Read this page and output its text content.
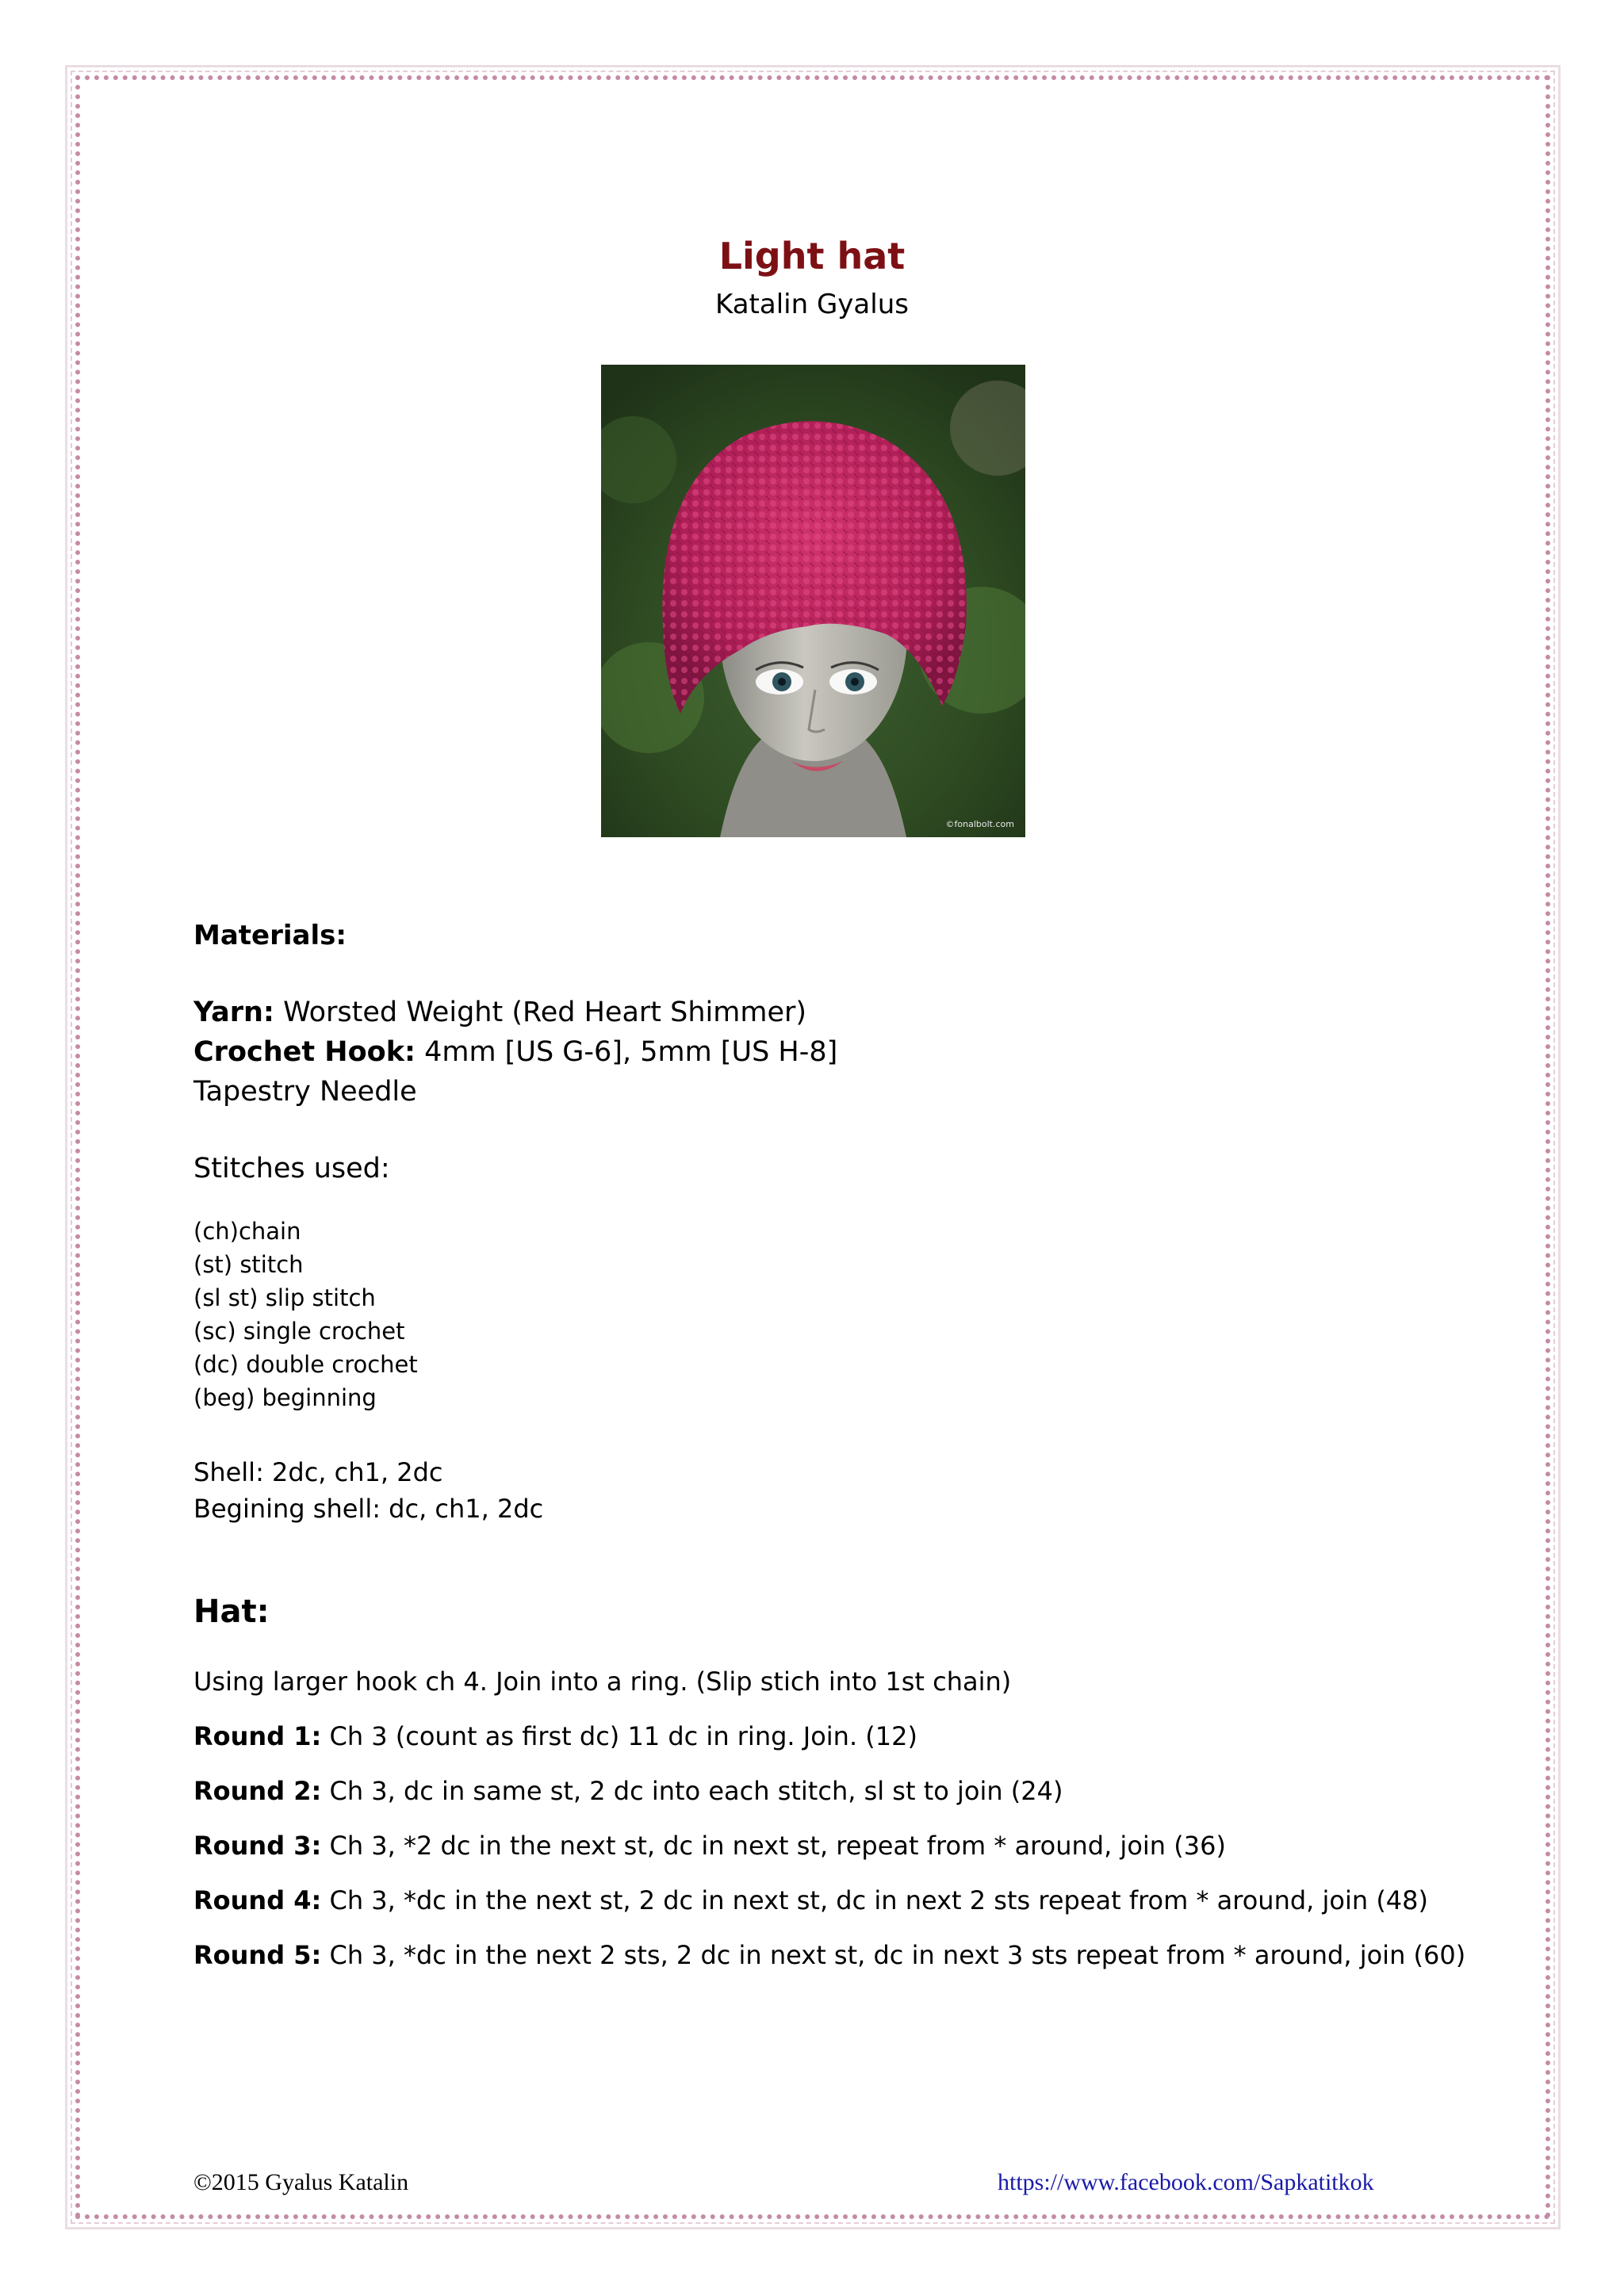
Light hat

Katalin Gyalus

©fonalbolt.com

Materials:

Yarn: Worsted Weight (Red Heart Shimmer)

Crochet Hook: 4mm [US G-6], 5mm [US H-8]

Tapestry Needle

Stitches used:

(ch)chain

(st) stitch

(sl st) slip stitch

(sc) single crochet

(dc) double crochet

(beg) beginning

Shell: 2dc, ch1, 2dc

Begining shell: dc, ch1, 2dc

Hat:

Using larger hook ch 4. Join into a ring. (Slip stich into 1st chain)

Round 1: Ch 3 (count as first dc) 11 dc in ring. Join. (12)

Round 2: Ch 3, dc in same st, 2 dc into each stitch, sl st to join (24)

Round 3: Ch 3, *2 dc in the next st, dc in next st, repeat from * around, join (36)

Round 4: Ch 3, *dc in the next st, 2 dc in next st, dc in next 2 sts repeat from * around, join (48)

Round 5: Ch 3, *dc in the next 2 sts, 2 dc in next st, dc in next 3 sts repeat from * around, join (60)

©2015 Gyalus Katalin	https://www.facebook.com/Sapkatitkok
